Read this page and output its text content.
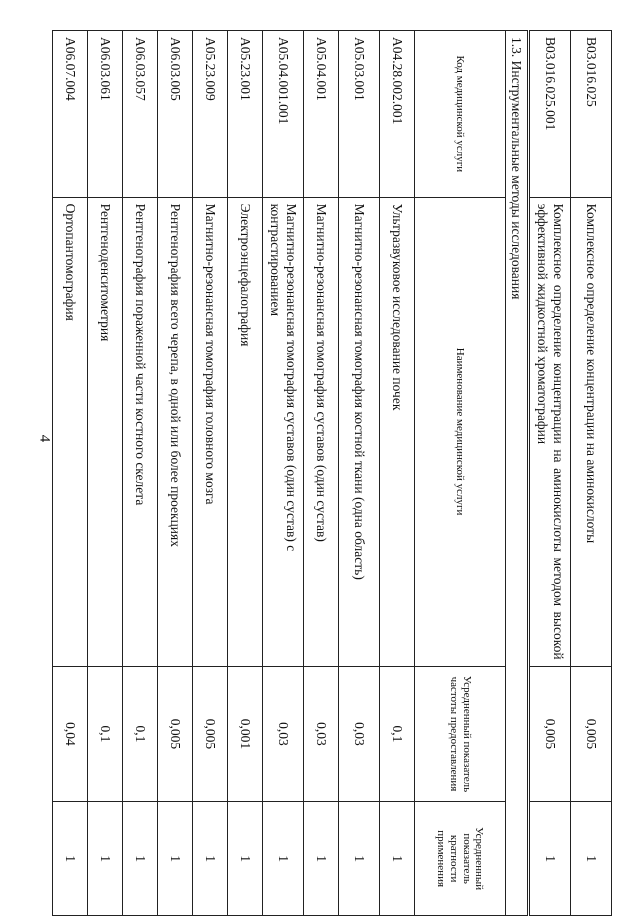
4
B03.016.025	Комплексное определение концентрации на аминокислоты	0,005	1
B03.016.025.001	Комплексное определение концентрации на аминокислоты методом высокой эффективной жидкостной хроматографии	0,005	1
1.3. Инструментальные методы исследования
Код медицинской услуги	Наименование медицинской услуги	Усредненный показатель частоты предоставления	Усредненный показатель кратности применения
A04.28.002.001	Ультразвуковое исследование почек	0,1	1
A05.03.001	Магнитно-резонансная томография костной ткани (одна область)	0,03	1
A05.04.001	Магнитно-резонансная томография суставов (один сустав)	0,03	1
A05.04.001.001	Магнитно-резонансная томография суставов (один сустав) с контрастированием	0,03	1
A05.23.001	Электроэнцефалография	0,001	1
A05.23.009	Магнитно-резонансная томография головного мозга	0,005	1
A06.03.005	Рентгенография всего черепа, в одной или более проекциях	0,005	1
A06.03.057	Рентгенография пораженной части костного скелета	0,1	1
A06.03.061	Рентгеноденситометрия	0,1	1
A06.07.004	Ортопантомография	0,04	1
